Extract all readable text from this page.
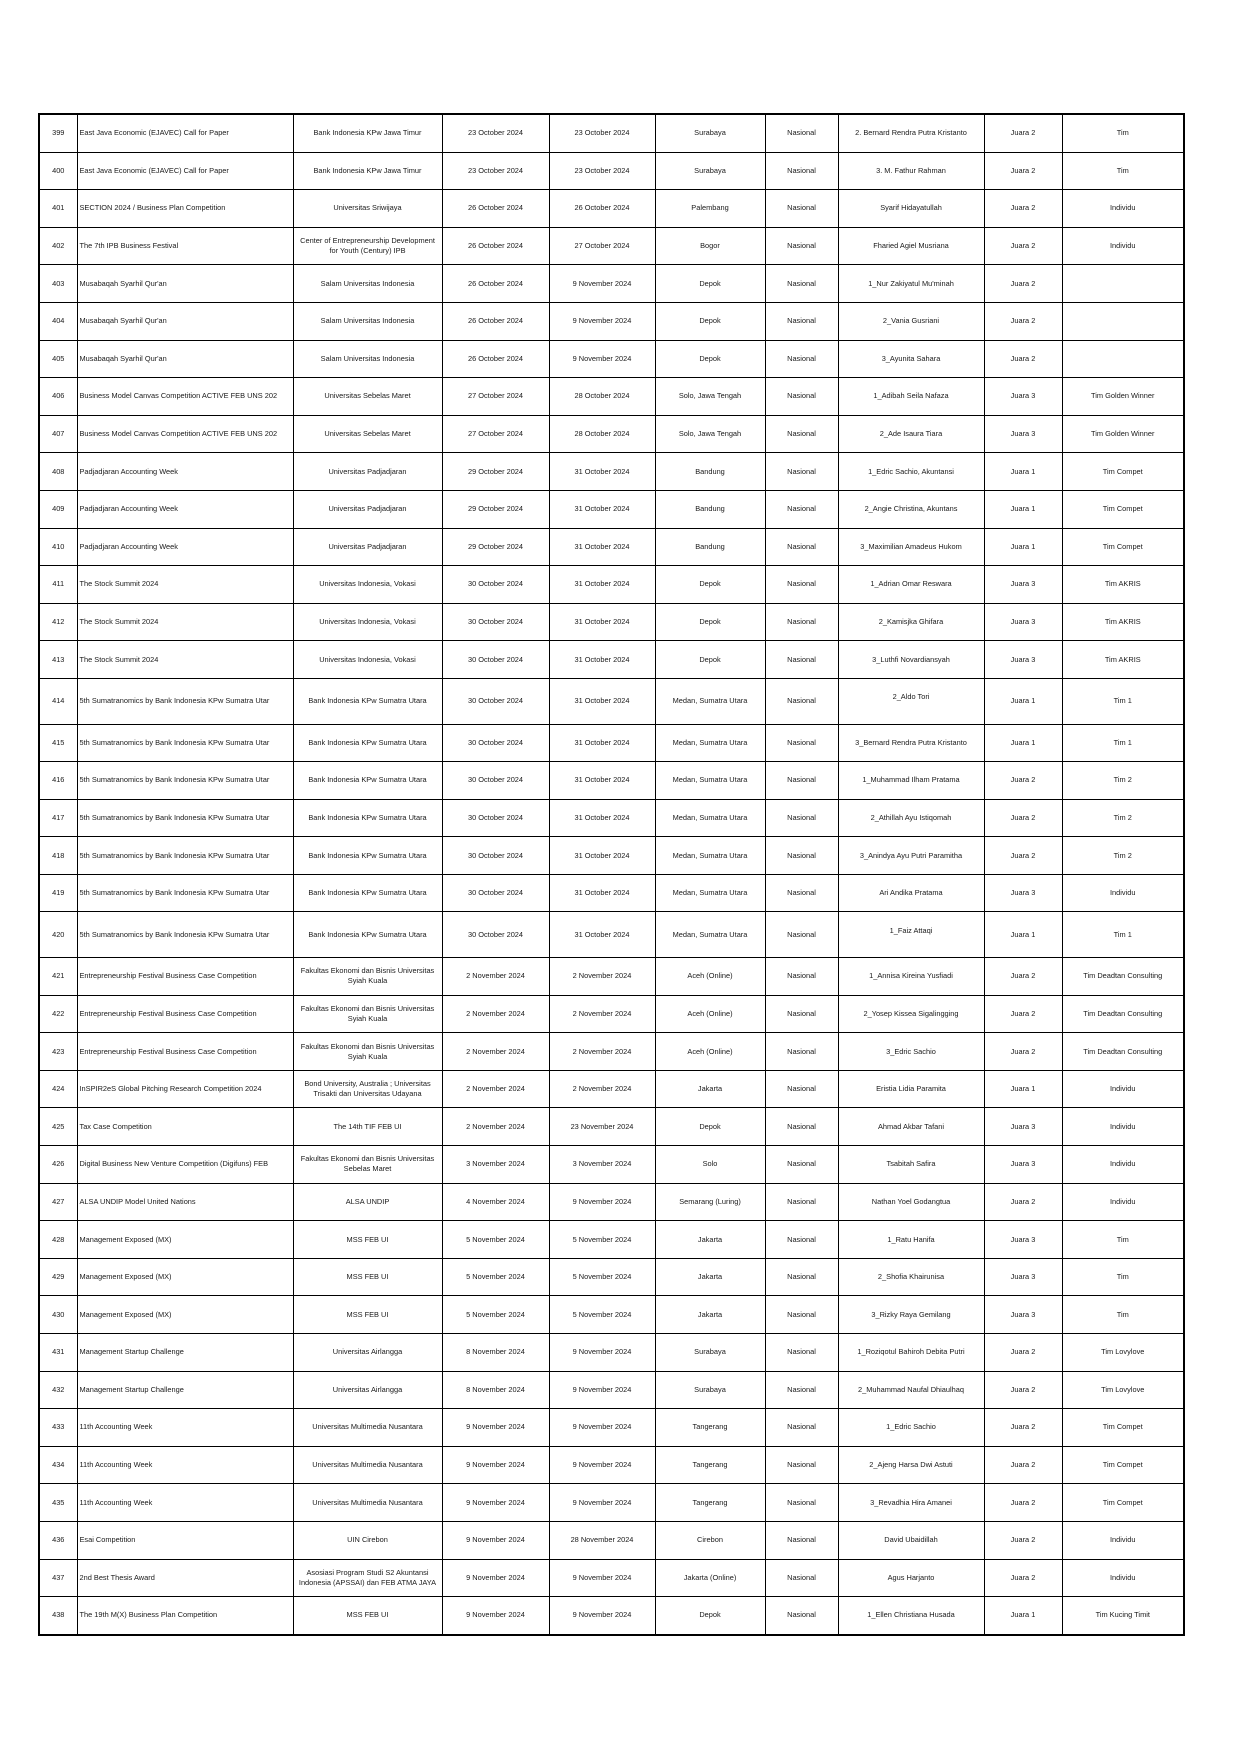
399	East Java Economic (EJAVEC) Call for Paper	Bank Indonesia KPw Jawa Timur	23 October 2024	23 October 2024	Surabaya	Nasional	2. Bernard Rendra Putra Kristanto	Juara 2	Tim
400	East Java Economic (EJAVEC) Call for Paper	Bank Indonesia KPw Jawa Timur	23 October 2024	23 October 2024	Surabaya	Nasional	3. M. Fathur Rahman	Juara 2	Tim
401	SECTION 2024 / Business Plan Competition	Universitas Sriwijaya	26 October 2024	26 October 2024	Palembang	Nasional	Syarif Hidayatullah	Juara 2	Individu
402	The 7th IPB Business Festival	Center of Entrepreneurship Development for Youth (Century) IPB	26 October 2024	27 October 2024	Bogor	Nasional	Fharied Agiel Musriana	Juara 2	Individu
403	Musabaqah Syarhil Qur'an	Salam Universitas Indonesia	26 October 2024	9 November 2024	Depok	Nasional	1_Nur Zakiyatul Mu'minah	Juara 2	
404	Musabaqah Syarhil Qur'an	Salam Universitas Indonesia	26 October 2024	9 November 2024	Depok	Nasional	2_Vania Gusriani	Juara 2	
405	Musabaqah Syarhil Qur'an	Salam Universitas Indonesia	26 October 2024	9 November 2024	Depok	Nasional	3_Ayunita Sahara	Juara 2	
406	Business Model Canvas Competition ACTIVE FEB UNS 202	Universitas Sebelas Maret	27 October 2024	28 October 2024	Solo, Jawa Tengah	Nasional	1_Adibah Seila Nafaza	Juara 3	Tim Golden Winner
407	Business Model Canvas Competition ACTIVE FEB UNS 202	Universitas Sebelas Maret	27 October 2024	28 October 2024	Solo, Jawa Tengah	Nasional	2_Ade Isaura Tiara	Juara 3	Tim Golden Winner
408	Padjadjaran Accounting Week	Universitas Padjadjaran	29 October 2024	31 October 2024	Bandung	Nasional	1_Edric Sachio, Akuntansi	Juara 1	Tim Compet
409	Padjadjaran Accounting Week	Universitas Padjadjaran	29 October 2024	31 October 2024	Bandung	Nasional	2_Angie Christina, Akuntans	Juara 1	Tim Compet
410	Padjadjaran Accounting Week	Universitas Padjadjaran	29 October 2024	31 October 2024	Bandung	Nasional	3_Maximilian Amadeus Hukom	Juara 1	Tim Compet
411	The Stock Summit 2024	Universitas Indonesia, Vokasi	30 October 2024	31 October 2024	Depok	Nasional	1_Adrian Omar Reswara	Juara 3	Tim AKRIS
412	The Stock Summit 2024	Universitas Indonesia, Vokasi	30 October 2024	31 October 2024	Depok	Nasional	2_Kamisjka Ghifara	Juara 3	Tim AKRIS
413	The Stock Summit 2024	Universitas Indonesia, Vokasi	30 October 2024	31 October 2024	Depok	Nasional	3_Luthfi Novardiansyah	Juara 3	Tim AKRIS
414	5th Sumatranomics by Bank Indonesia KPw Sumatra Utar	Bank Indonesia KPw Sumatra Utara	30 October 2024	31 October 2024	Medan, Sumatra Utara	Nasional	2_Aldo Tori	Juara 1	Tim 1
415	5th Sumatranomics by Bank Indonesia KPw Sumatra Utar	Bank Indonesia KPw Sumatra Utara	30 October 2024	31 October 2024	Medan, Sumatra Utara	Nasional	3_Bernard Rendra Putra Kristanto	Juara 1	Tim 1
416	5th Sumatranomics by Bank Indonesia KPw Sumatra Utar	Bank Indonesia KPw Sumatra Utara	30 October 2024	31 October 2024	Medan, Sumatra Utara	Nasional	1_Muhammad Ilham Pratama	Juara 2	Tim 2
417	5th Sumatranomics by Bank Indonesia KPw Sumatra Utar	Bank Indonesia KPw Sumatra Utara	30 October 2024	31 October 2024	Medan, Sumatra Utara	Nasional	2_Athillah Ayu Istiqomah	Juara 2	Tim 2
418	5th Sumatranomics by Bank Indonesia KPw Sumatra Utar	Bank Indonesia KPw Sumatra Utara	30 October 2024	31 October 2024	Medan, Sumatra Utara	Nasional	3_Anindya Ayu Putri Paramitha	Juara 2	Tim 2
419	5th Sumatranomics by Bank Indonesia KPw Sumatra Utar	Bank Indonesia KPw Sumatra Utara	30 October 2024	31 October 2024	Medan, Sumatra Utara	Nasional	Ari Andika Pratama	Juara 3	Individu
420	5th Sumatranomics by Bank Indonesia KPw Sumatra Utar	Bank Indonesia KPw Sumatra Utara	30 October 2024	31 October 2024	Medan, Sumatra Utara	Nasional	1_Faiz Attaqi	Juara 1	Tim 1
421	Entrepreneurship Festival Business Case Competition	Fakultas Ekonomi dan Bisnis Universitas Syiah Kuala	2 November 2024	2 November 2024	Aceh (Online)	Nasional	1_Annisa Kireina Yusfiadi	Juara 2	Tim Deadtan Consulting
422	Entrepreneurship Festival Business Case Competition	Fakultas Ekonomi dan Bisnis Universitas Syiah Kuala	2 November 2024	2 November 2024	Aceh (Online)	Nasional	2_Yosep Kissea Sigalingging	Juara 2	Tim Deadtan Consulting
423	Entrepreneurship Festival Business Case Competition	Fakultas Ekonomi dan Bisnis Universitas Syiah Kuala	2 November 2024	2 November 2024	Aceh (Online)	Nasional	3_Edric Sachio	Juara 2	Tim Deadtan Consulting
424	InSPIR2eS Global Pitching Research Competition 2024	Bond University, Australia ; Universitas Trisakti dan Universitas Udayana	2 November 2024	2 November 2024	Jakarta	Nasional	Eristia Lidia Paramita	Juara 1	Individu
425	Tax Case Competition	The 14th TIF FEB UI	2 November 2024	23 November 2024	Depok	Nasional	Ahmad Akbar Tafani	Juara 3	Individu
426	Digital Business New Venture Competition (Digifuns) FEB	Fakultas Ekonomi dan Bisnis Universitas Sebelas Maret	3 November 2024	3 November 2024	Solo	Nasional	Tsabitah Safira	Juara 3	Individu
427	ALSA UNDIP Model United Nations	ALSA UNDIP	4 November 2024	9 November 2024	Semarang (Luring)	Nasional	Nathan Yoel Godangtua	Juara 2	Individu
428	Management Exposed (MX)	MSS FEB UI	5 November 2024	5 November 2024	Jakarta	Nasional	1_Ratu Hanifa	Juara 3	Tim
429	Management Exposed (MX)	MSS FEB UI	5 November 2024	5 November 2024	Jakarta	Nasional	2_Shofia Khairunisa	Juara 3	Tim
430	Management Exposed (MX)	MSS FEB UI	5 November 2024	5 November 2024	Jakarta	Nasional	3_Rizky Raya Gemilang	Juara 3	Tim
431	Management Startup Challenge	Universitas Airlangga	8 November 2024	9 November 2024	Surabaya	Nasional	1_Roziqotul Bahiroh Debita Putri	Juara 2	Tim Lovylove
432	Management Startup Challenge	Universitas Airlangga	8 November 2024	9 November 2024	Surabaya	Nasional	2_Muhammad Naufal Dhiaulhaq	Juara 2	Tim Lovylove
433	11th Accounting Week	Universitas Multimedia Nusantara	9 November 2024	9 November 2024	Tangerang	Nasional	1_Edric Sachio	Juara 2	Tim Compet
434	11th Accounting Week	Universitas Multimedia Nusantara	9 November 2024	9 November 2024	Tangerang	Nasional	2_Ajeng Harsa Dwi Astuti	Juara 2	Tim Compet
435	11th Accounting Week	Universitas Multimedia Nusantara	9 November 2024	9 November 2024	Tangerang	Nasional	3_Revadhia Hira Amanei	Juara 2	Tim Compet
436	Esai Competition	UIN Cirebon	9 November 2024	28 November 2024	Cirebon	Nasional	David Ubaidillah	Juara 2	Individu
437	2nd Best Thesis Award	Asosiasi Program Studi S2 Akuntansi Indonesia (APSSAI) dan FEB ATMA JAYA	9 November 2024	9 November 2024	Jakarta (Online)	Nasional	Agus Harjanto	Juara 2	Individu
438	The 19th M(X) Business Plan Competition	MSS FEB UI	9 November 2024	9 November 2024	Depok	Nasional	1_Ellen Christiana Husada	Juara 1	Tim Kucing Timit
